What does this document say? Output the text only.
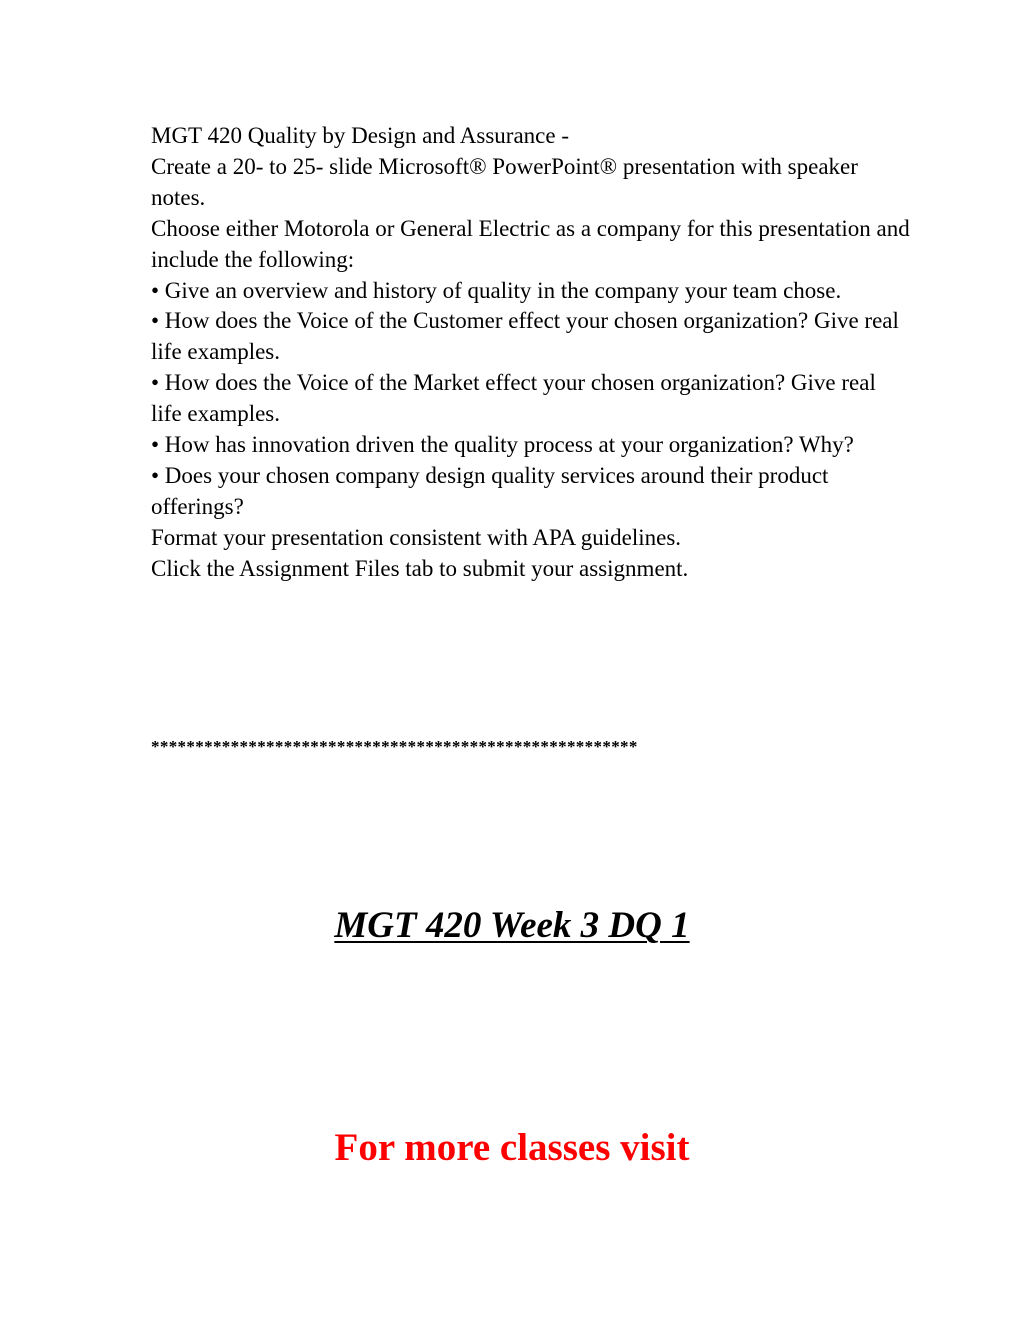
MGT 420 Quality by Design and Assurance -
Create a 20- to 25- slide Microsoft® PowerPoint® presentation with speaker notes.
Choose either Motorola or General Electric as a company for this presentation and include the following:
• Give an overview and history of quality in the company your team chose.
• How does the Voice of the Customer effect your chosen organization? Give real life examples.
• How does the Voice of the Market effect your chosen organization? Give real life examples.
• How has innovation driven the quality process at your organization? Why?
• Does your chosen company design quality services around their product offerings?
Format your presentation consistent with APA guidelines.
Click the Assignment Files tab to submit your assignment.
*******************************************************
MGT 420 Week 3 DQ 1
For more classes visit
